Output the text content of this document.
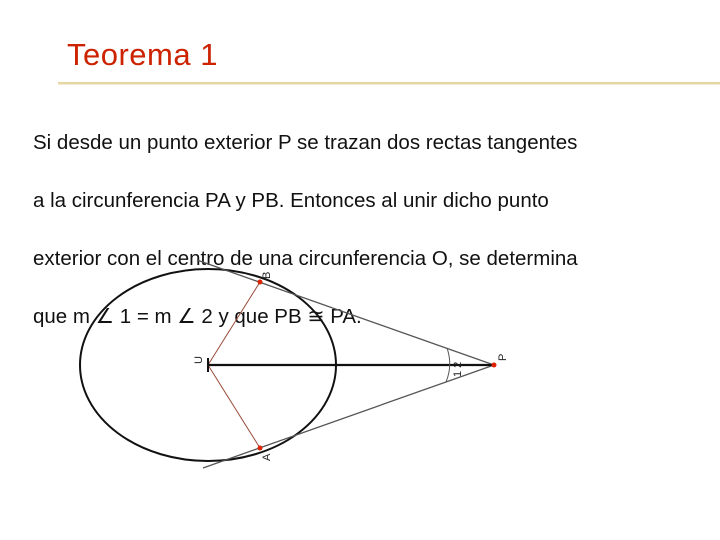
Teorema 1

Si desde un punto exterior P se trazan dos rectas tangentes

a la circunferencia PA y PB. Entonces al unir dicho punto

exterior con el centro de una circunferencia O, se determina

que m ∠ 1 = m ∠ 2 y que PB ≅ PA.

B
U	P
1 2
A
